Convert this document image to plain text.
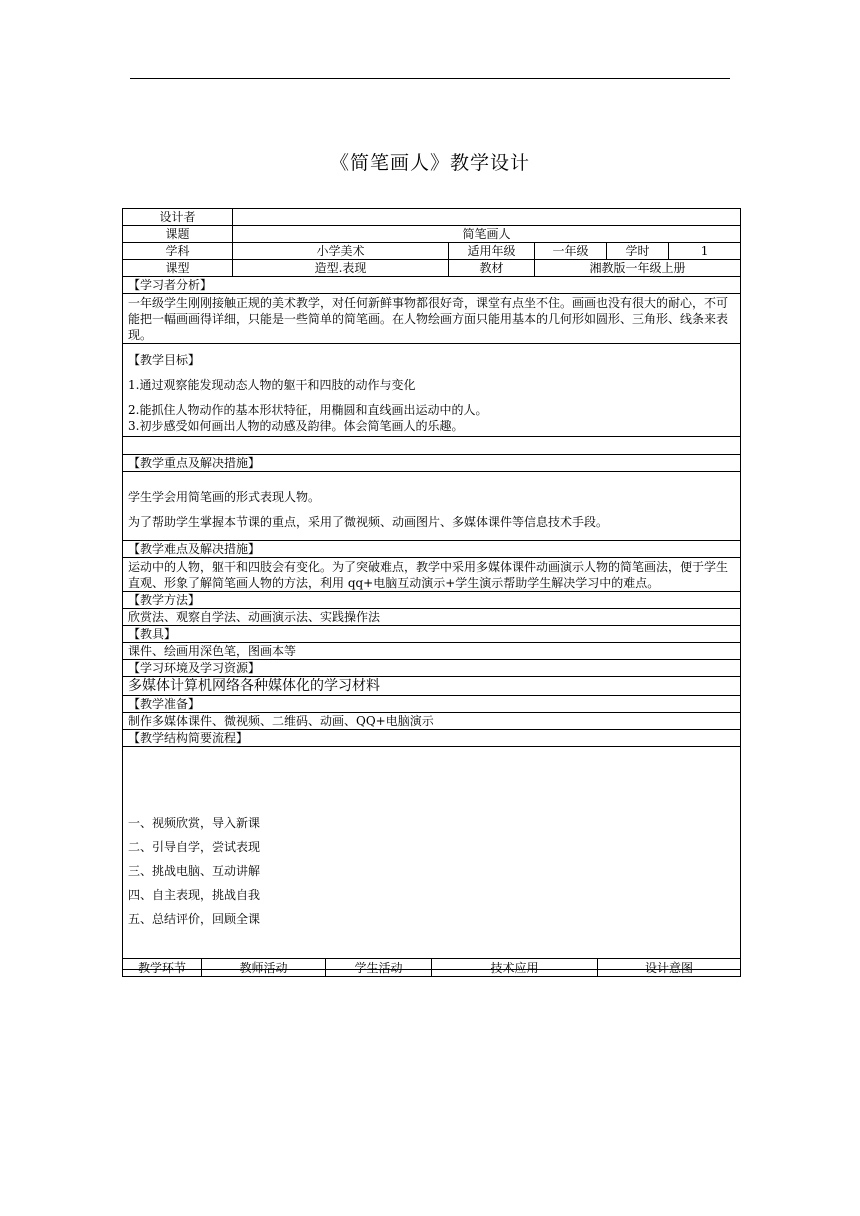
《简笔画人》教学设计
设计者					
课题	简笔画人				
学科	小学美术	适用年级	一年级	学时	1
课型	造型.表现	教材	湘教版一年级上册		
【学习者分析】					
一年级学生刚刚接触正规的美术教学，对任何新鲜事物都很好奇，课堂有点坐不住。画画也没有很大的耐心，不可能把一幅画画得详细，只能是一些简单的简笔画。在人物绘画方面只能用基本的几何形如圆形、三角形、线条来表现。					

【教学目标】

1.通过观察能发现动态人物的躯干和四肢的动作与变化

2.能抓住人物动作的基本形状特征，用椭圆和直线画出运动中的人。

3.初步感受如何画出人物的动感及韵律。体会简笔画人的乐趣。					

【教学重点及解决措施】					

学生学会用简笔画的形式表现人物。

为了帮助学生掌握本节课的重点，采用了微视频、动画图片、多媒体课件等信息技术手段。					

【教学难点及解决措施】					
运动中的人物，躯干和四肢会有变化。为了突破难点，教学中采用多媒体课件动画演示人物的简笔画法，便于学生直观、形象了解简笔画人物的方法，利用 qq+电脑互动演示+学生演示帮助学生解决学习中的难点。					
【教学方法】					
欣赏法、观察自学法、动画演示法、实践操作法					
【教具】					
课件、绘画用深色笔，图画本等					
【学习环境及学习资源】					
多媒体计算机网络各种媒体化的学习材料					
【教学准备】					
制作多媒体课件、微视频、二维码、动画、QQ+电脑演示					
【教学结构简要流程】					

一、视频欣赏，导入新课

二、引导自学，尝试表现

三、挑战电脑、互动讲解

四、自主表现，挑战自我

五、总结评价，回顾全课					

教学环节	教师活动	学生活动	技术应用	设计意图
